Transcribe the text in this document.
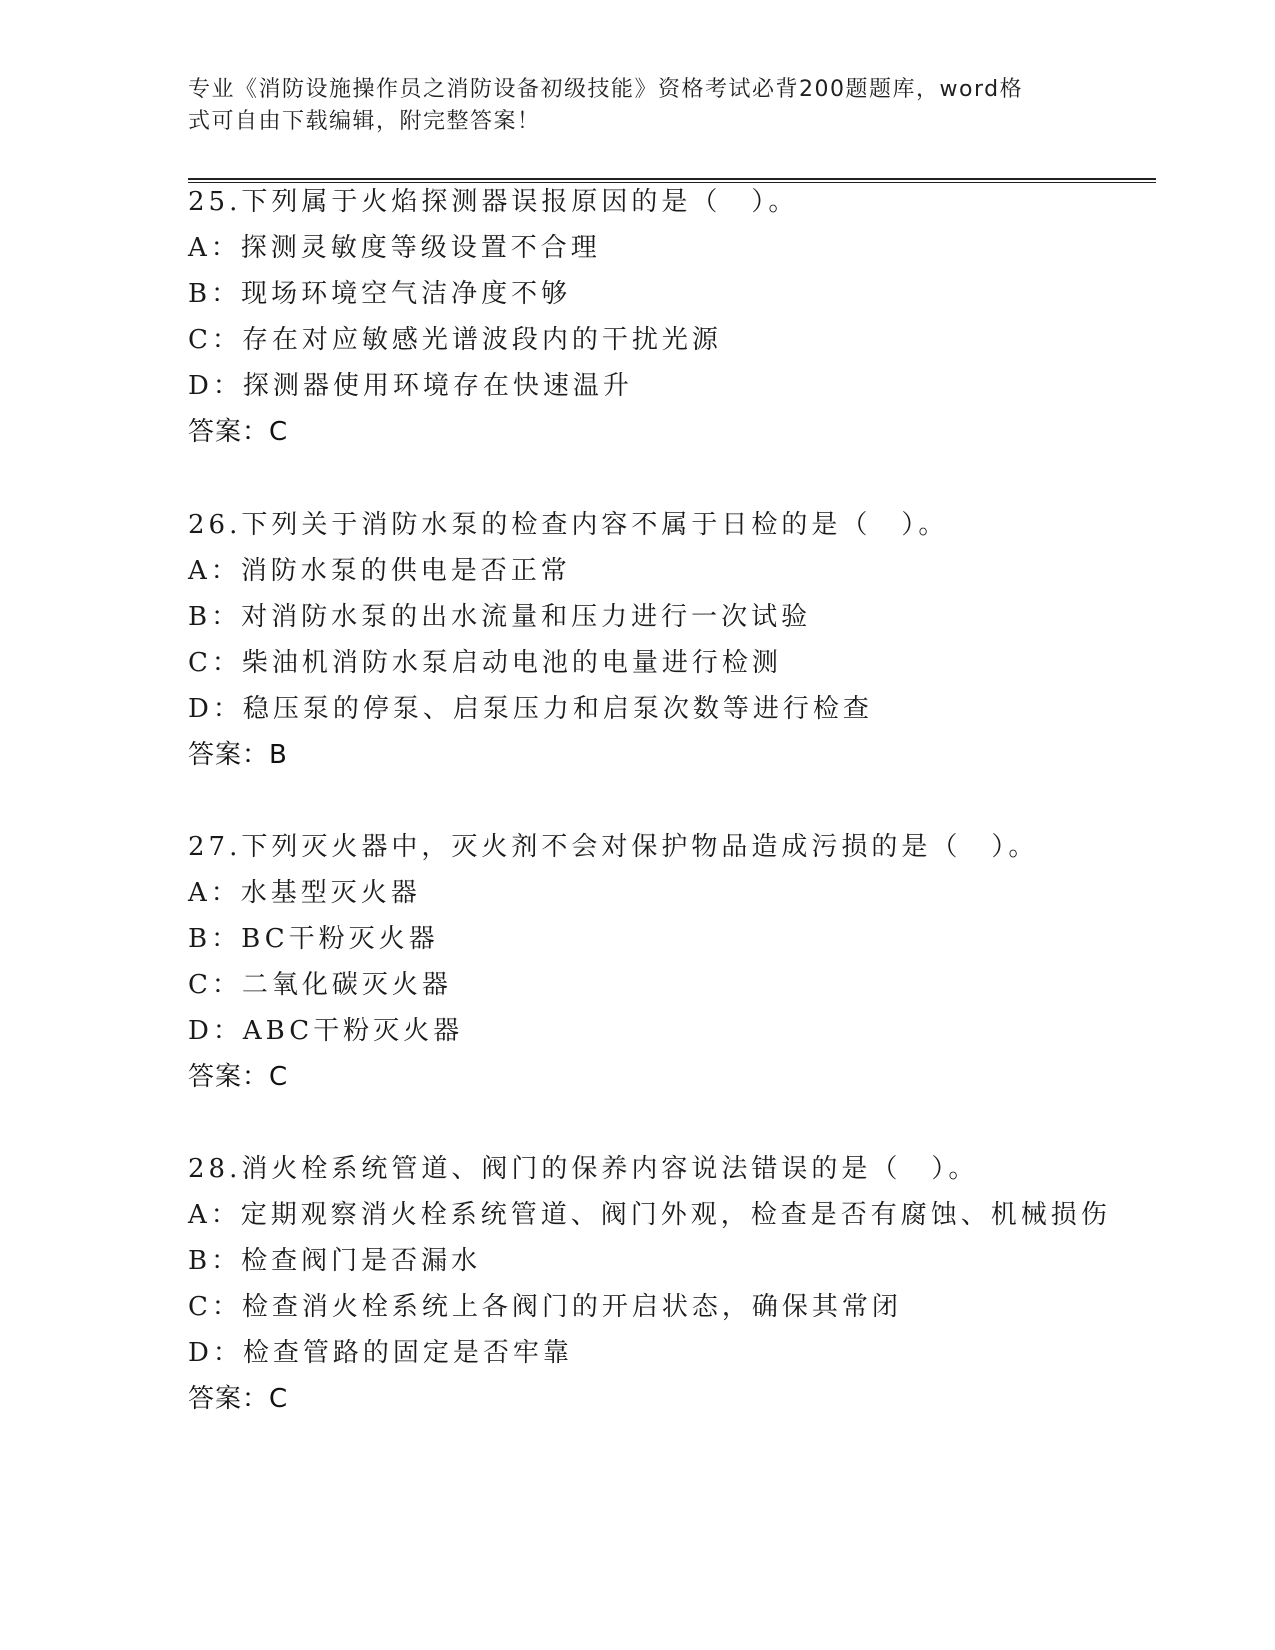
专业《消防设施操作员之消防设备初级技能》资格考试必背200题题库，word格
式可自由下载编辑，附完整答案！
25.下列属于火焰探测器误报原因的是（　）。
A：探测灵敏度等级设置不合理
B：现场环境空气洁净度不够
C：存在对应敏感光谱波段内的干扰光源
D：探测器使用环境存在快速温升
答案：C
26.下列关于消防水泵的检查内容不属于日检的是（　）。
A：消防水泵的供电是否正常
B：对消防水泵的出水流量和压力进行一次试验
C：柴油机消防水泵启动电池的电量进行检测
D：稳压泵的停泵、启泵压力和启泵次数等进行检查
答案：B
27.下列灭火器中，灭火剂不会对保护物品造成污损的是（　）。
A：水基型灭火器
B：BC干粉灭火器
C：二氧化碳灭火器
D：ABC干粉灭火器
答案：C
28.消火栓系统管道、阀门的保养内容说法错误的是（　）。
A：定期观察消火栓系统管道、阀门外观，检查是否有腐蚀、机械损伤
B：检查阀门是否漏水
C：检查消火栓系统上各阀门的开启状态，确保其常闭
D：检查管路的固定是否牢靠
答案：C
